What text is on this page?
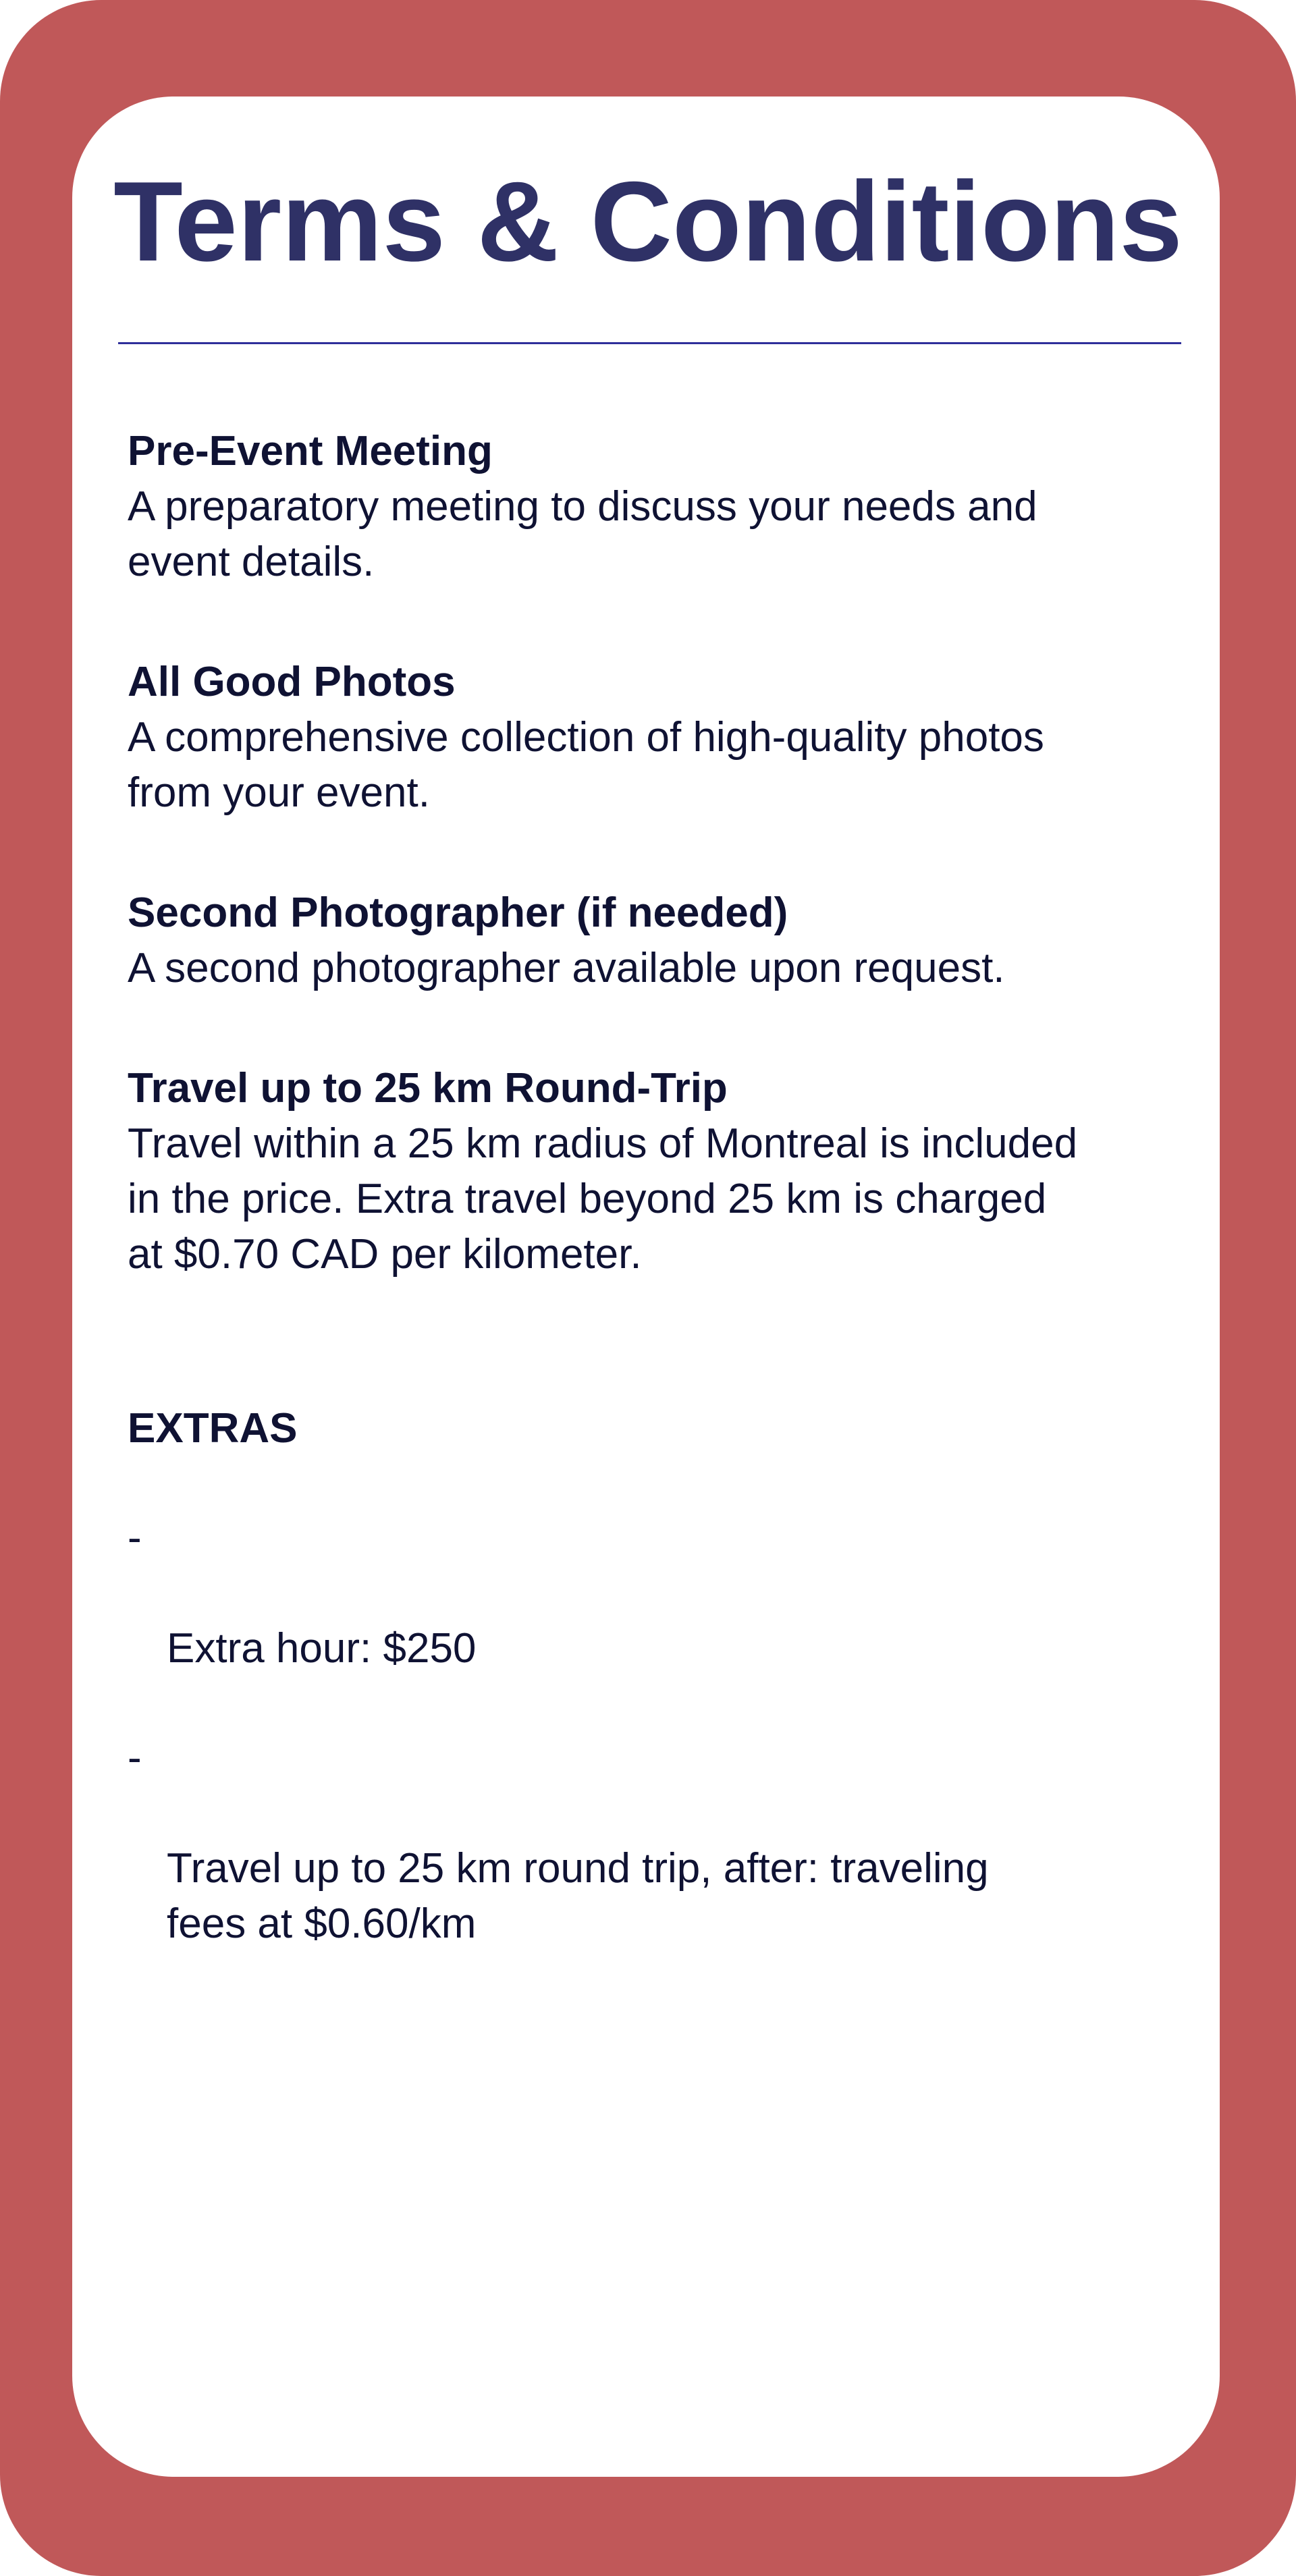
Terms & Conditions

Pre-Event Meeting

A preparatory meeting to discuss your needs and
event details.

All Good Photos

A comprehensive collection of high-quality photos
from your event.

Second Photographer (if needed)

A second photographer available upon request.

Travel up to 25 km Round-Trip

Travel within a 25 km radius of Montreal is included
in the price. Extra travel beyond 25 km is charged
at $0.70 CAD per kilometer.

EXTRAS

-

Extra hour: $250

-

Travel up to 25 km round trip, after: traveling
fees at $0.60/km
